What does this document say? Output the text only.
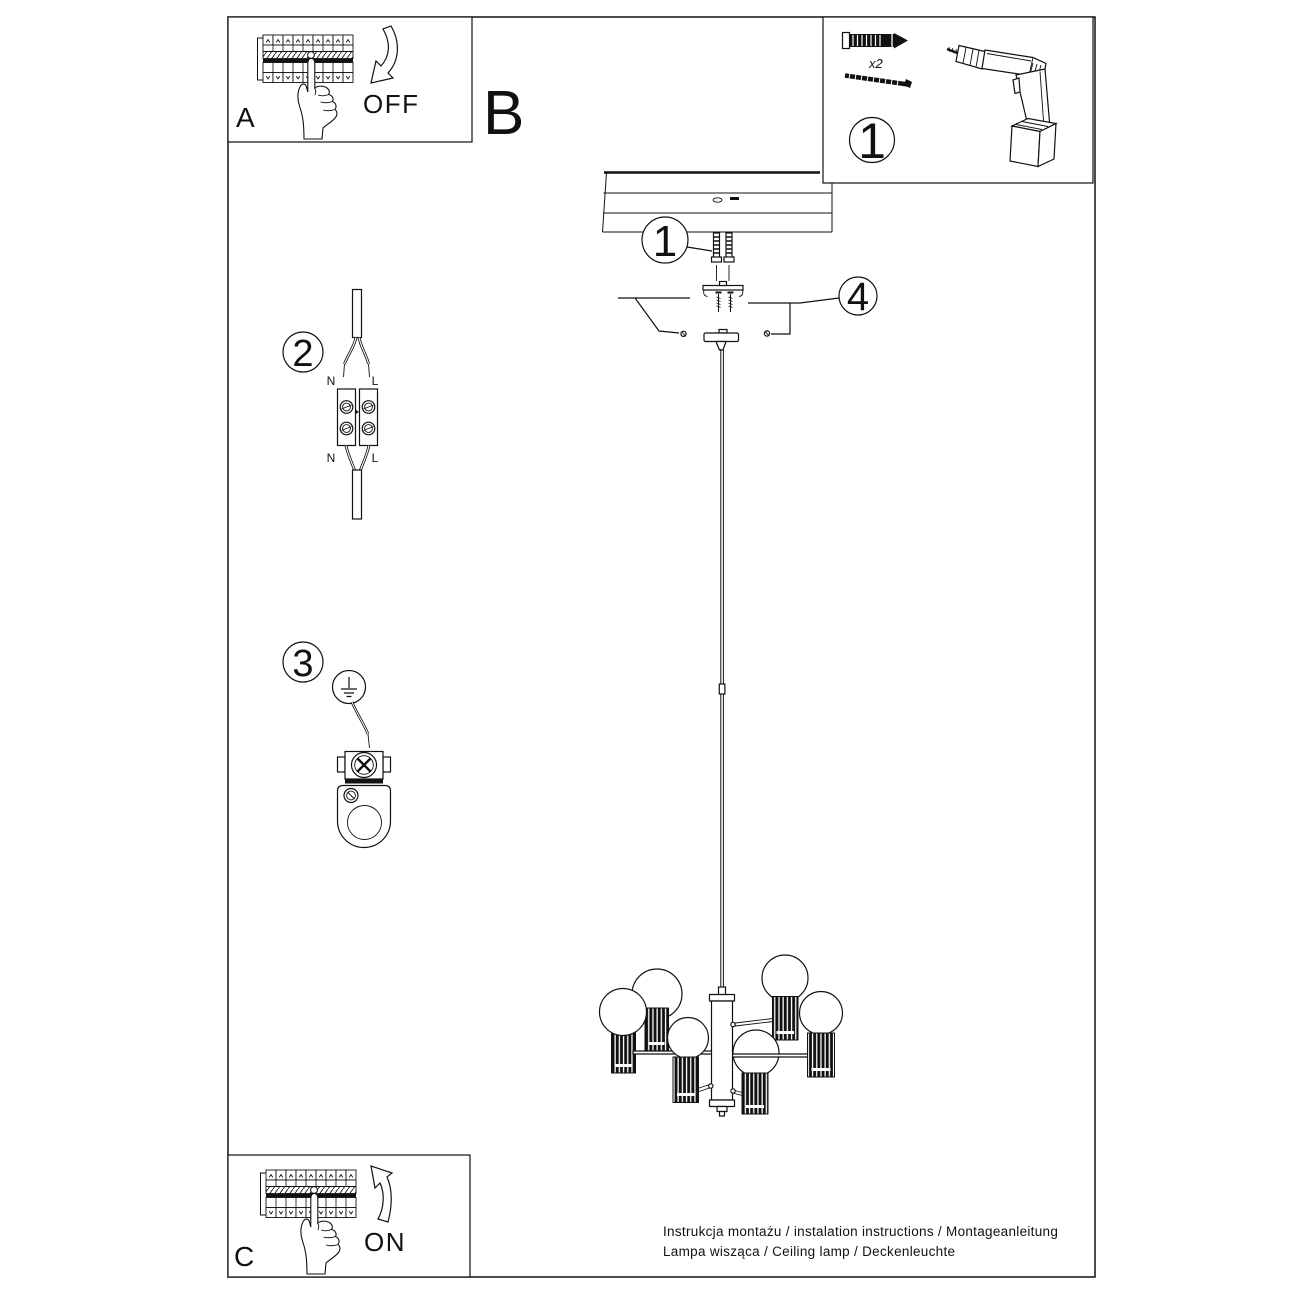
1
4
OFF
A	B
x2
1
2
N	L
N	L
3
ON
C
Instrukcja montażu / instalation instructions / Montageanleitung
Lampa wisząca / Ceiling lamp / Deckenleuchte
